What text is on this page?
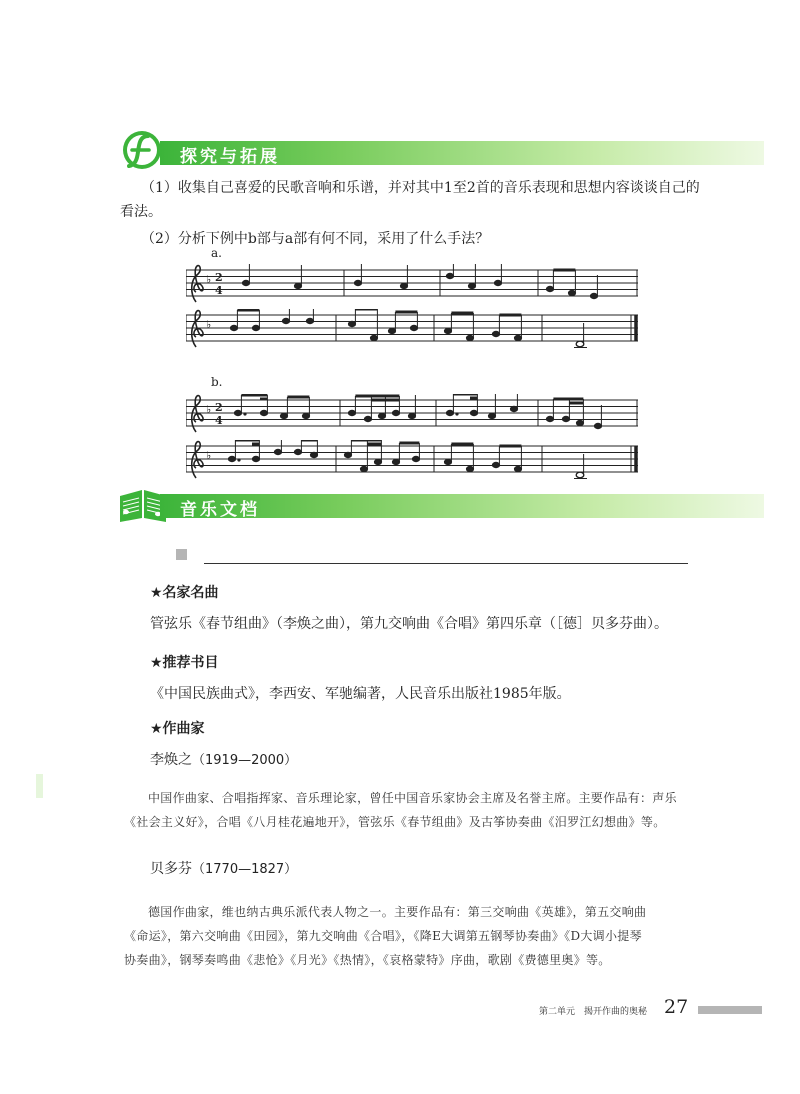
探究与拓展
（1）收集自己喜爱的民歌音响和乐谱，并对其中1至2首的音乐表现和思想内容谈谈自己的
看法。
（2）分析下例中b部与a部有何不同，采用了什么手法？
a.
b.
♭ 2
4
♭
♭ 2
4
♭
音乐文档
★名家名曲
管弦乐《春节组曲》（李焕之曲），第九交响曲《合唱》第四乐章（［德］贝多芬曲）。
★推荐书目
《中国民族曲式》，李西安、军驰编著，人民音乐出版社1985年版。
★作曲家
李焕之（1919—2000）
中国作曲家、合唱指挥家、音乐理论家，曾任中国音乐家协会主席及名誉主席。主要作品有：声乐
《社会主义好》，合唱《八月桂花遍地开》，管弦乐《春节组曲》及古筝协奏曲《汨罗江幻想曲》等。
贝多芬（1770—1827）
德国作曲家，维也纳古典乐派代表人物之一。主要作品有：第三交响曲《英雄》，第五交响曲
《命运》，第六交响曲《田园》，第九交响曲《合唱》，《降E大调第五钢琴协奏曲》《D大调小提琴
协奏曲》，钢琴奏鸣曲《悲怆》《月光》《热情》，《哀格蒙特》序曲，歌剧《费德里奥》等。
第二单元　揭开作曲的奥秘 27
